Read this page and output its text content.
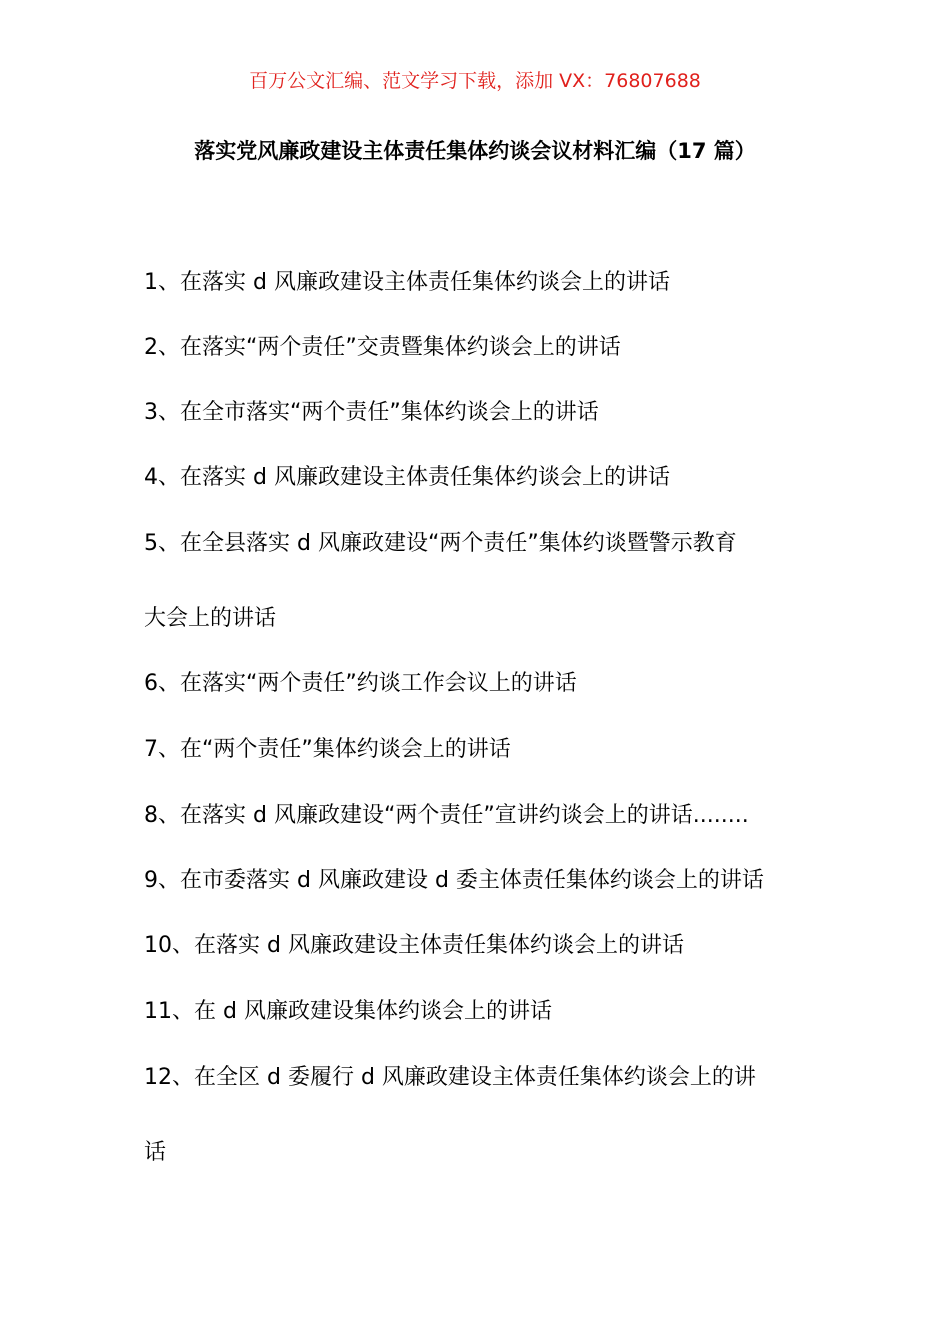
百万公文汇编、范文学习下载，添加 VX：76807688
落实党风廉政建设主体责任集体约谈会议材料汇编（17 篇）
1、在落实 d 风廉政建设主体责任集体约谈会上的讲话
2、在落实“两个责任”交责暨集体约谈会上的讲话
3、在全市落实“两个责任”集体约谈会上的讲话
4、在落实 d 风廉政建设主体责任集体约谈会上的讲话
5、在全县落实 d 风廉政建设“两个责任”集体约谈暨警示教育
大会上的讲话
6、在落实“两个责任”约谈工作会议上的讲话
7、在“两个责任”集体约谈会上的讲话
8、在落实 d 风廉政建设“两个责任”宣讲约谈会上的讲话........
9、在市委落实 d 风廉政建设 d 委主体责任集体约谈会上的讲话
10、在落实 d 风廉政建设主体责任集体约谈会上的讲话
11、在 d 风廉政建设集体约谈会上的讲话
12、在全区 d 委履行 d 风廉政建设主体责任集体约谈会上的讲
话
